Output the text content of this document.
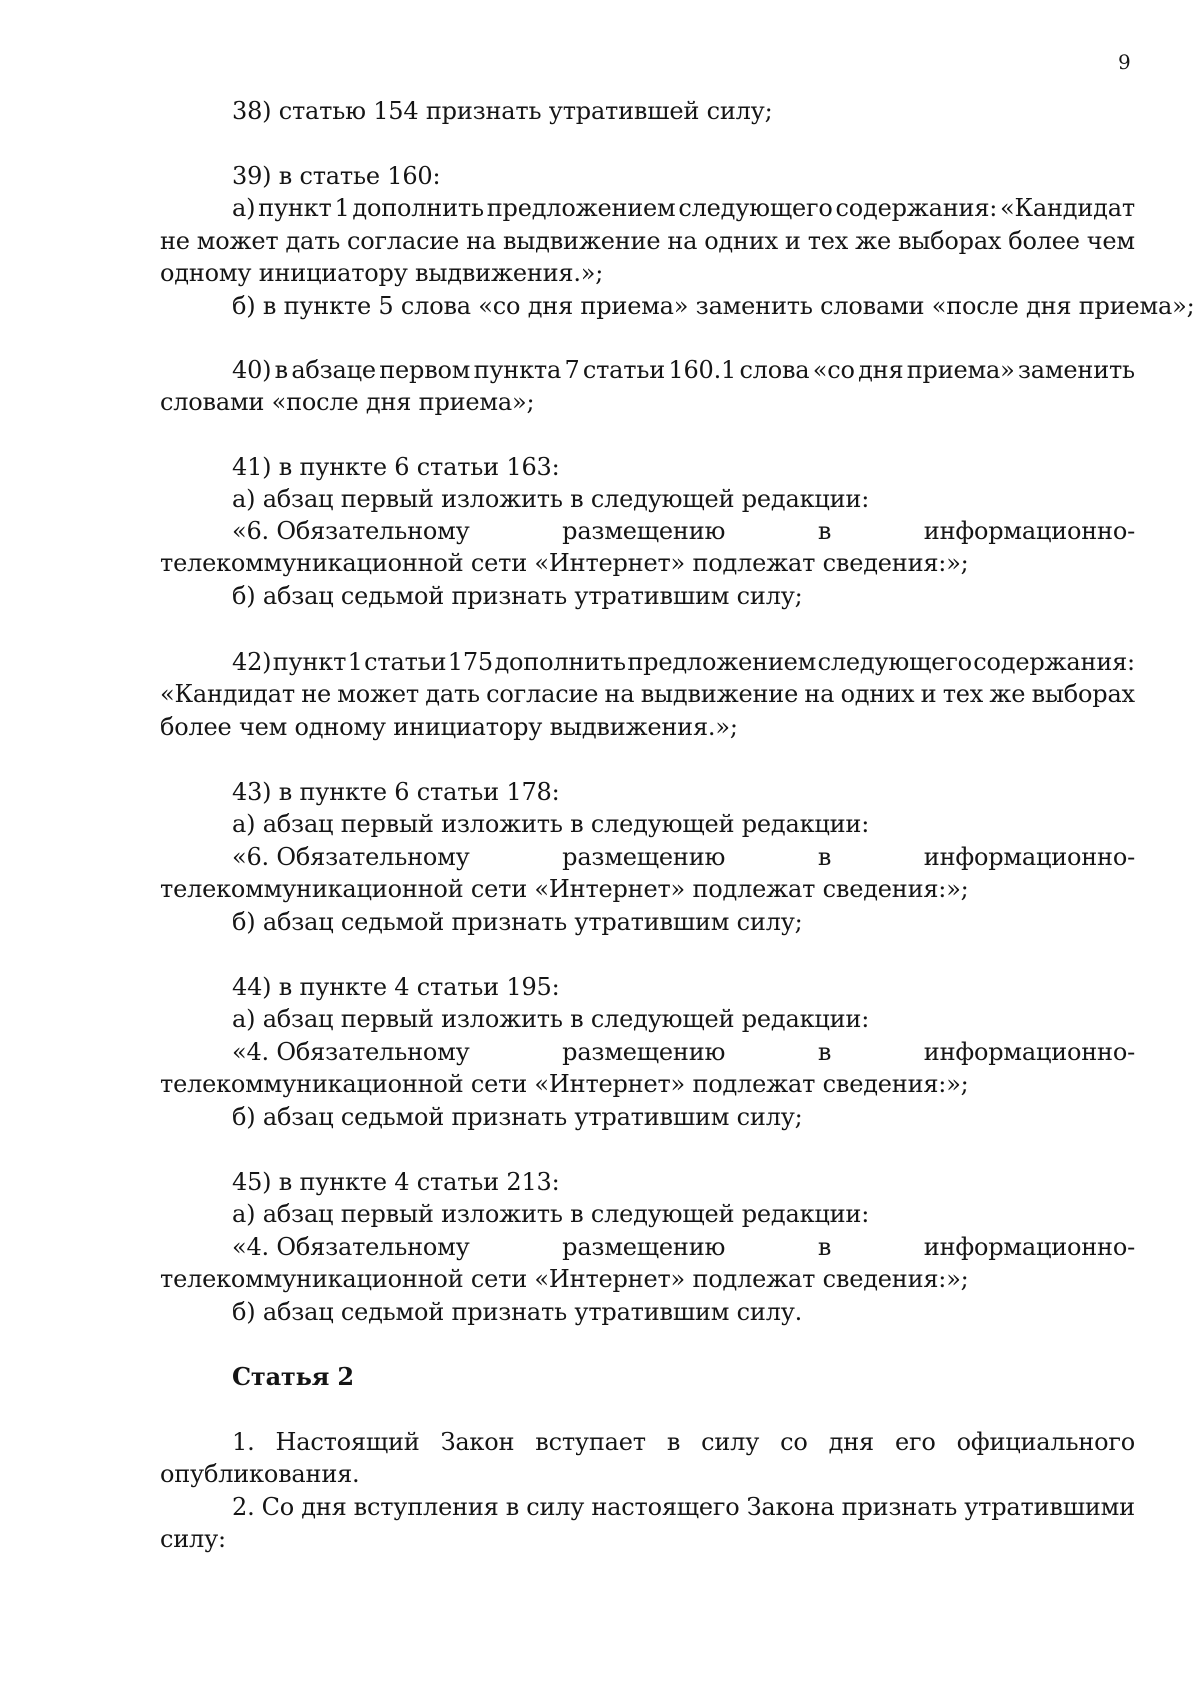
9
38) статью 154 признать утратившей силу;
39) в статье 160:
а) пункт 1 дополнить предложением следующего содержания: «Кандидат
не может дать согласие на выдвижение на одних и тех же выборах более чем
одному инициатору выдвижения.»;
б) в пункте 5 слова «со дня приема» заменить словами «после дня приема»;
40) в абзаце первом пункта 7 статьи 160.1 слова «со дня приема» заменить
словами «после дня приема»;
41) в пункте 6 статьи 163:
а) абзац первый изложить в следующей редакции:
«6. Обязательному	размещению	в	информационно-
телекоммуникационной сети «Интернет» подлежат сведения:»;
б) абзац седьмой признать утратившим силу;
42) пункт 1 статьи 175 дополнить предложением следующего содержания:
«Кандидат не может дать согласие на выдвижение на одних и тех же выборах
более чем одному инициатору выдвижения.»;
43) в пункте 6 статьи 178:
а) абзац первый изложить в следующей редакции:
«6. Обязательному	размещению	в	информационно-
телекоммуникационной сети «Интернет» подлежат сведения:»;
б) абзац седьмой признать утратившим силу;
44) в пункте 4 статьи 195:
а) абзац первый изложить в следующей редакции:
«4. Обязательному	размещению	в	информационно-
телекоммуникационной сети «Интернет» подлежат сведения:»;
б) абзац седьмой признать утратившим силу;
45) в пункте 4 статьи 213:
а) абзац первый изложить в следующей редакции:
«4. Обязательному	размещению	в	информационно-
телекоммуникационной сети «Интернет» подлежат сведения:»;
б) абзац седьмой признать утратившим силу.
Статья 2
1. Настоящий Закон вступает в силу со дня его официального
опубликования.
2. Со дня вступления в силу настоящего Закона признать утратившими
силу:
